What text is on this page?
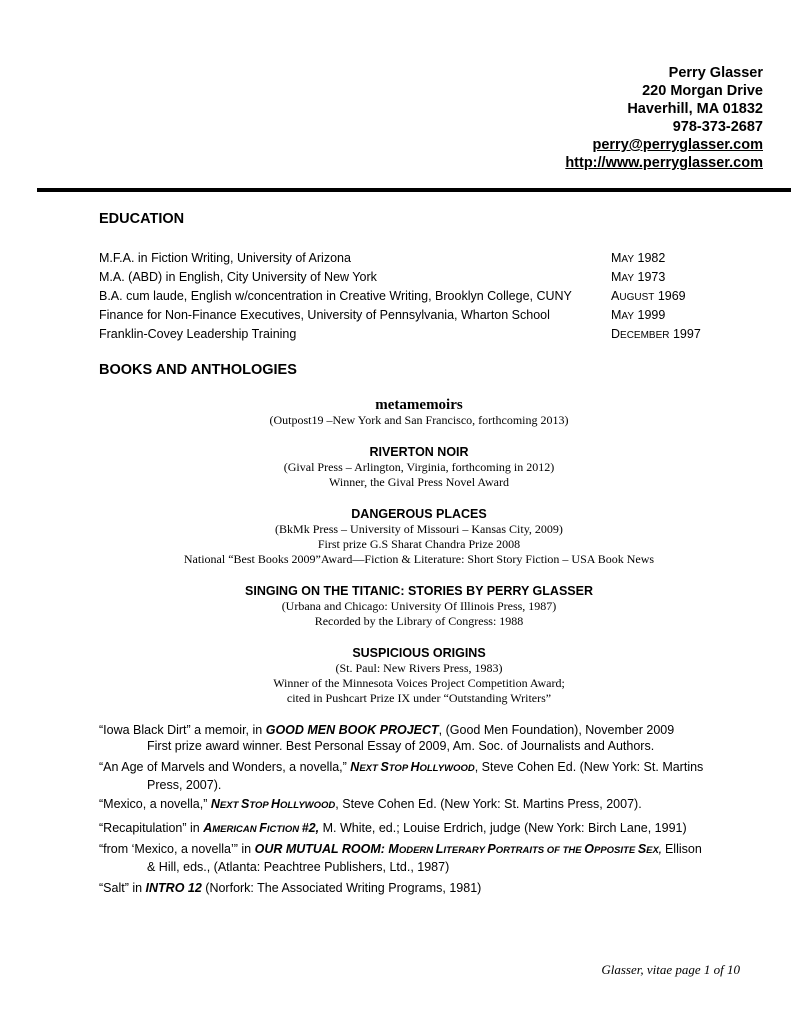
Perry Glasser
220 Morgan Drive
Haverhill, MA 01832
978-373-2687
perry@perryglasser.com
http://www.perryglasser.com
EDUCATION
M.F.A. in Fiction Writing, University of Arizona	MAY 1982
M.A. (ABD) in English, City University of New York	MAY 1973
B.A. cum laude, English w/concentration in Creative Writing, Brooklyn College, CUNY	AUGUST 1969
Finance for Non-Finance Executives, University of Pennsylvania, Wharton School	MAY 1999
Franklin-Covey Leadership Training	DECEMBER 1997
BOOKS AND ANTHOLOGIES
metamemoirs
(Outpost19 –New York and San Francisco, forthcoming 2013)
RIVERTON NOIR
(Gival Press – Arlington, Virginia, forthcoming in 2012)
Winner, the Gival Press Novel Award
DANGEROUS PLACES
(BkMk Press – University of Missouri – Kansas City, 2009)
First prize G.S Sharat Chandra Prize 2008
National “Best Books 2009”Award—Fiction & Literature: Short Story Fiction – USA Book News
SINGING ON THE TITANIC: STORIES BY PERRY GLASSER
(Urbana and Chicago: University Of Illinois Press, 1987)
Recorded by the Library of Congress: 1988
SUSPICIOUS ORIGINS
(St. Paul: New Rivers Press, 1983)
Winner of the Minnesota Voices Project Competition Award;
cited in Pushcart Prize IX under “Outstanding Writers”
“Iowa Black Dirt” a memoir, in GOOD MEN BOOK PROJECT, (Good Men Foundation), November 2009
First prize award winner. Best Personal Essay of 2009, Am. Soc. of Journalists and Authors.
“An Age of Marvels and Wonders, a novella,” NEXT STOP HOLLYWOOD, Steve Cohen Ed. (New York: St. Martins
Press, 2007).
“Mexico, a novella,” NEXT STOP HOLLYWOOD, Steve Cohen Ed. (New York: St. Martins Press, 2007).
“Recapitulation” in AMERICAN FICTION #2, M. White, ed.; Louise Erdrich, judge (New York: Birch Lane, 1991)
“from ‘Mexico, a novella’” in OUR MUTUAL ROOM: MODERN LITERARY PORTRAITS OF THE OPPOSITE SEX, Ellison
& Hill, eds., (Atlanta: Peachtree Publishers, Ltd., 1987)
“Salt” in INTRO 12 (Norfork: The Associated Writing Programs, 1981)
Glasser, vitae page 1 of 10
